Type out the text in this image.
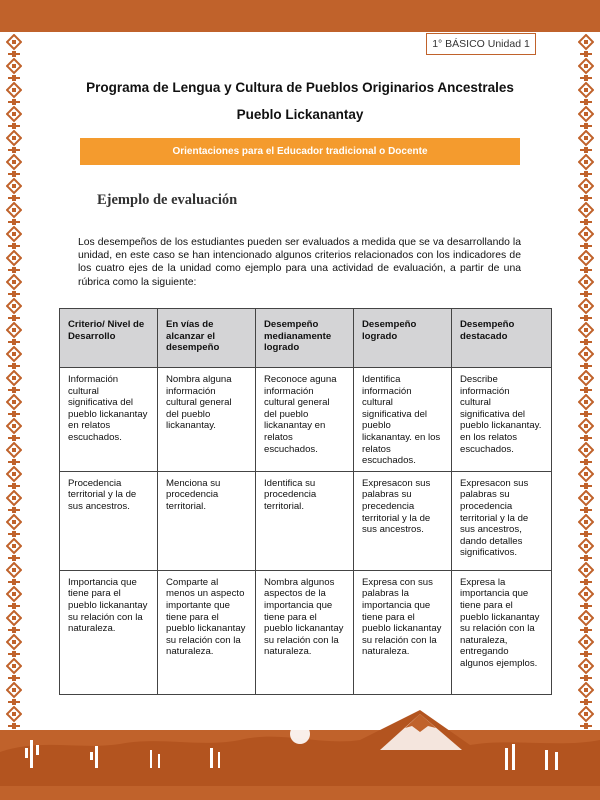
1° BÁSICO Unidad 1
Programa de Lengua y Cultura de Pueblos Originarios Ancestrales
Pueblo Lickanantay
Orientaciones para el Educador tradicional o Docente
Ejemplo de evaluación
Los desempeños de los estudiantes pueden ser evaluados a medida que se va desarrollando la unidad, en este caso se han intencionado algunos criterios relacionados con los indicadores de los cuatro ejes de la unidad como ejemplo para una actividad de evaluación, a partir de una rúbrica como la siguiente:
Criterio/ Nivel de Desarrollo	En vías de alcanzar el desempeño	Desempeño medianamente logrado	Desempeño logrado	Desempeño destacado
Información cultural significativa del pueblo lickanantay en relatos escuchados.	Nombra alguna información cultural general del pueblo lickanantay.	Reconoce aguna información cultural general del pueblo lickanantay en relatos escuchados.	Identifica información cultural significativa del pueblo lickanantay. en los relatos escuchados.	Describe información cultural significativa del pueblo lickanantay. en los relatos escuchados.
Procedencia territorial y la de sus ancestros.	Menciona su procedencia territorial.	Identifica su procedencia territorial.	Expresacon sus palabras su precedencia territorial y la de sus ancestros.	Expresacon sus palabras su procedencia territorial y la de sus ancestros, dando detalles significativos.
Importancia que tiene para el pueblo lickanantay su relación con la naturaleza.	Comparte al menos un aspecto importante que tiene para el pueblo lickanantay su relación con la naturaleza.	Nombra algunos aspectos de la importancia que tiene para el pueblo lickanantay su relación con la naturaleza.	Expresa con sus palabras la importancia que tiene para el pueblo lickanantay su relación con la naturaleza.	Expresa la importancia que tiene para el pueblo lickanantay su relación con la naturaleza, entregando algunos ejemplos.
